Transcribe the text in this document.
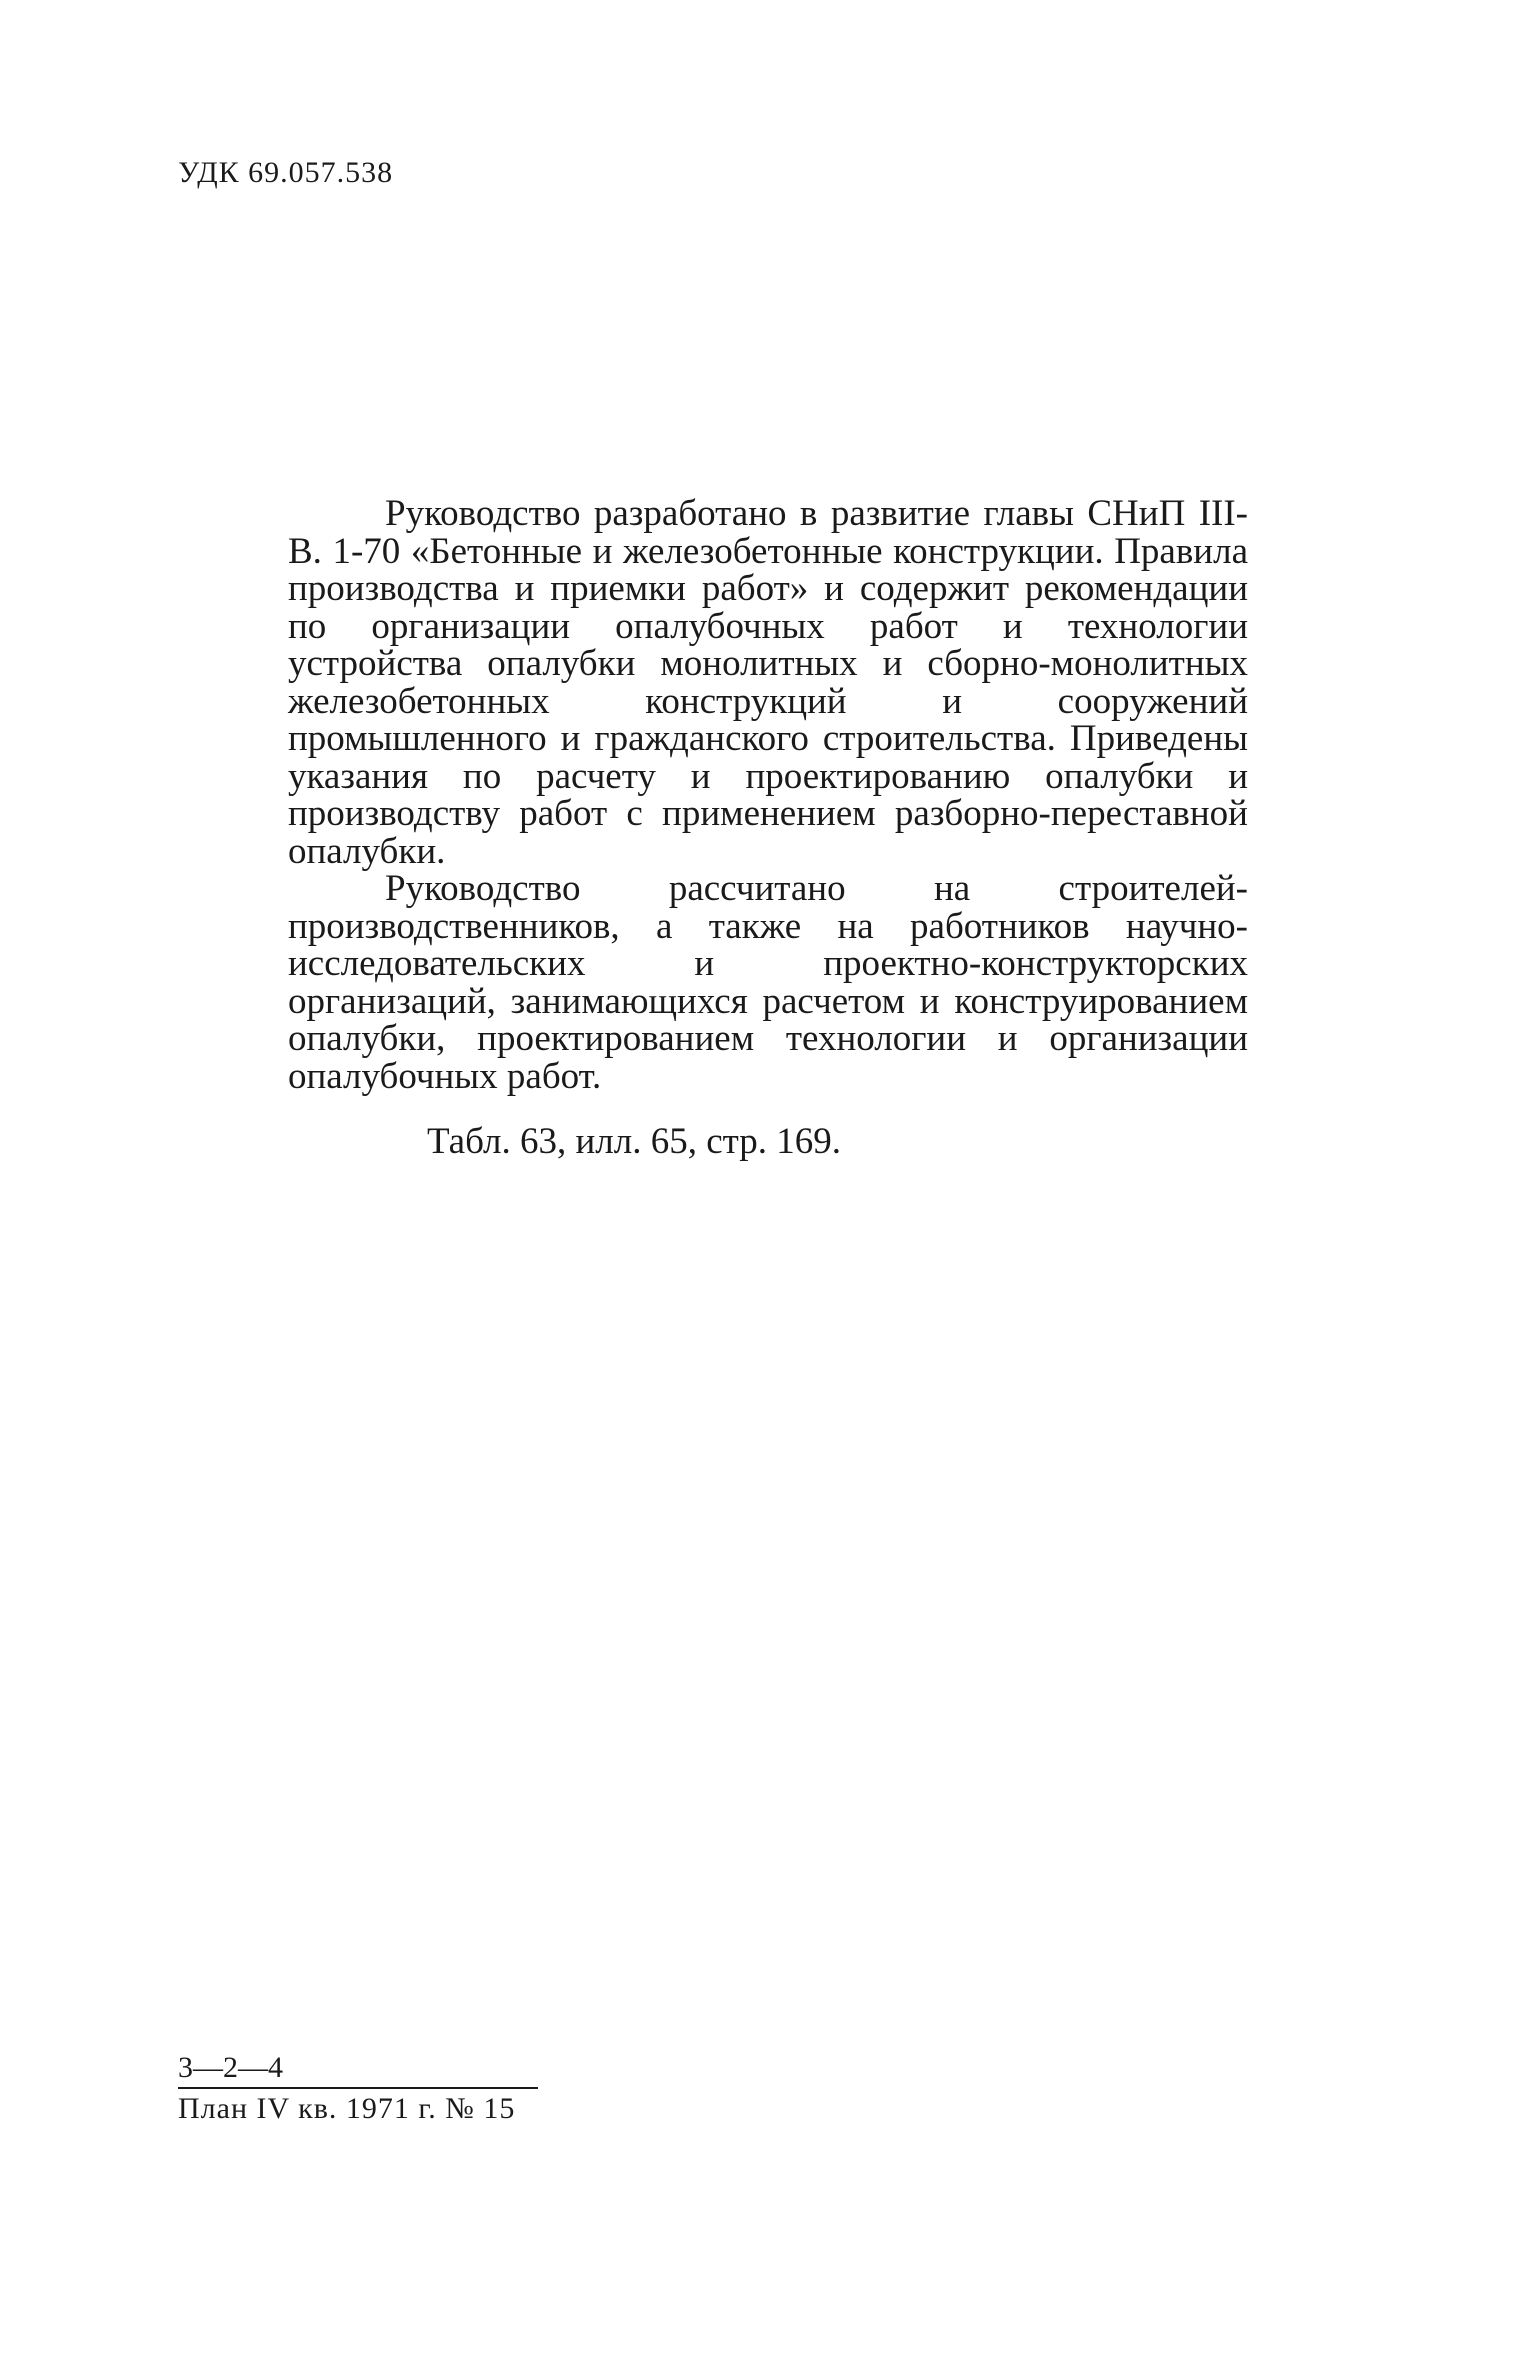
УДК 69.057.538

Руководство разработано в развитие главы СНиП III-В. 1-70 «Бетонные и железобетонные конструкции. Правила производства и приемки работ» и содержит рекомендации по организации опалубочных работ и технологии устройства опалубки монолитных и сборно-монолитных железобетонных конструкций и сооружений промышленного и гражданского строительства. Приведены указания по расчету и проектированию опалубки и производству работ с применением разборно-переставной опалубки.

Руководство рассчитано на строителей-производственников, а также на работников научно-исследовательских и проектно-конструкторских организаций, занимающихся расчетом и конструированием опалубки, проектированием технологии и организации опалубочных работ.

Табл. 63, илл. 65, стр. 169.
3—2—4
План IV кв. 1971 г. № 15
